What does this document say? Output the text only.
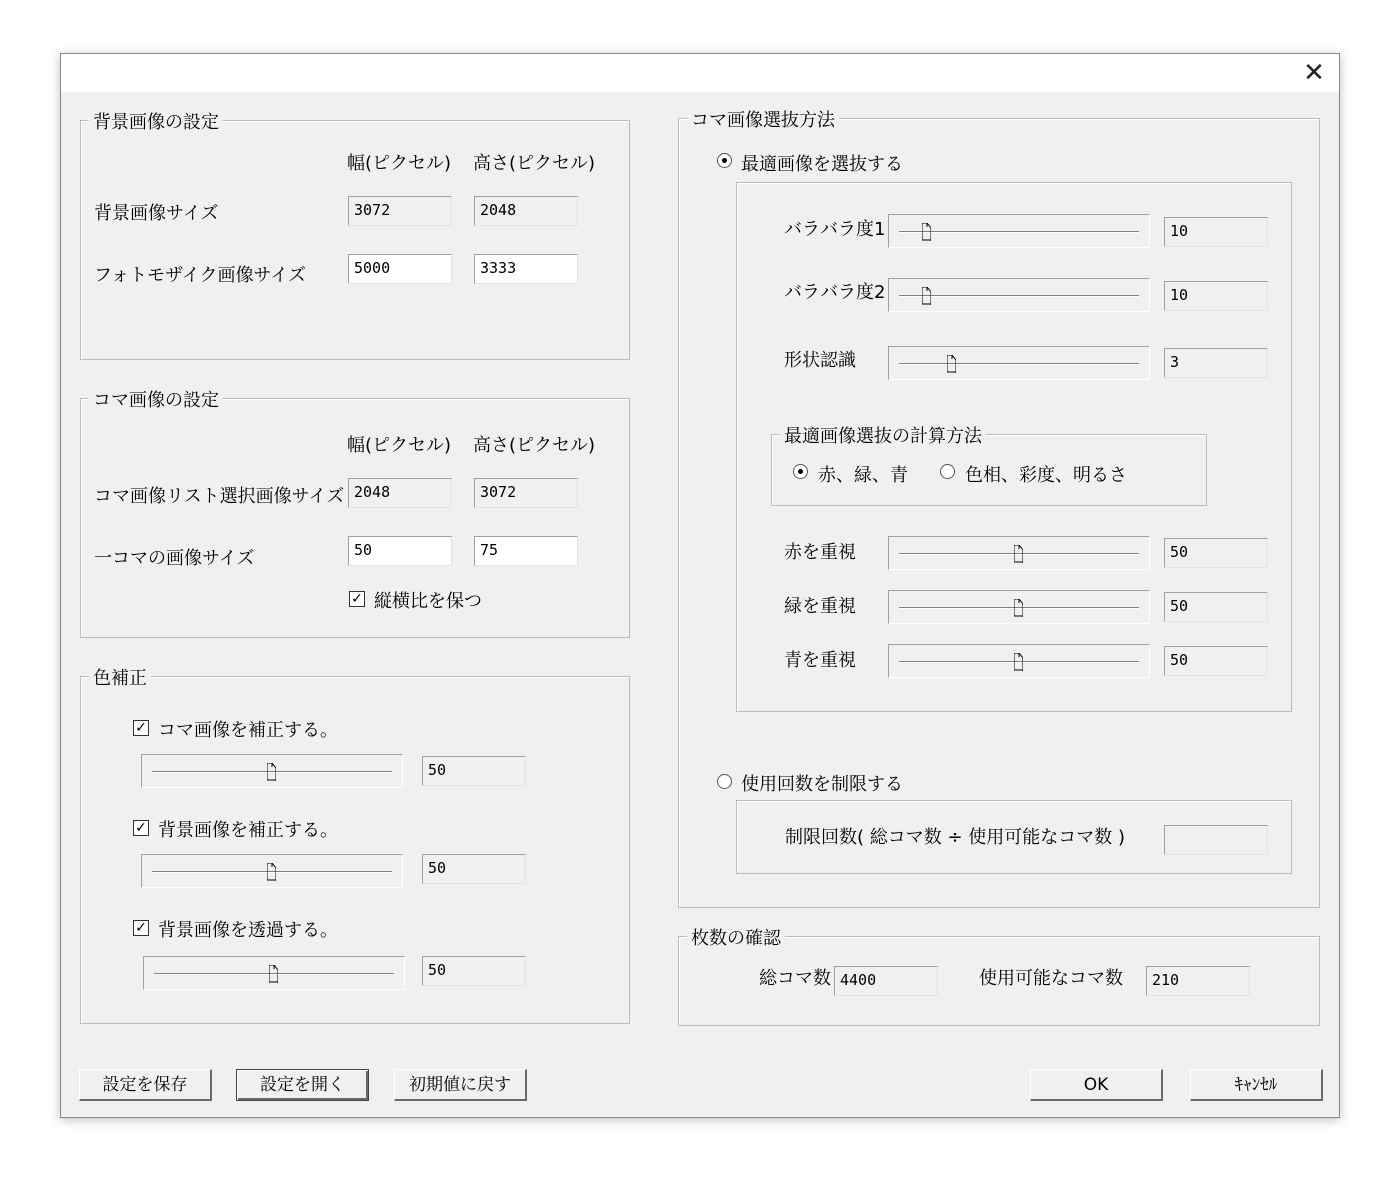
✕
背景画像の設定
幅(ピクセル) 高さ(ピクセル)
背景画像サイズ	3072	2048
フォトモザイク画像サイズ	5000	3333
コマ画像の設定
幅(ピクセル) 高さ(ピクセル)
コマ画像リスト選択画像サイズ 2048	3072
一コマの画像サイズ	50	75
✓ 縦横比を保つ
色補正
✓ コマ画像を補正する。
50
✓ 背景画像を補正する。
50
✓ 背景画像を透過する。
50
コマ画像選抜方法
最適画像を選抜する
バラバラ度1	10
バラバラ度2	10
形状認識	3
最適画像選抜の計算方法
赤、緑、青	色相、彩度、明るさ
赤を重視	50
緑を重視	50
青を重視	50
使用回数を制限する
制限回数( 総コマ数 ÷ 使用可能なコマ数 )
枚数の確認
総コマ数 4400	使用可能なコマ数	210
設定を保存	設定を開く	初期値に戻す	OK	ｷｬﾝｾﾙ
